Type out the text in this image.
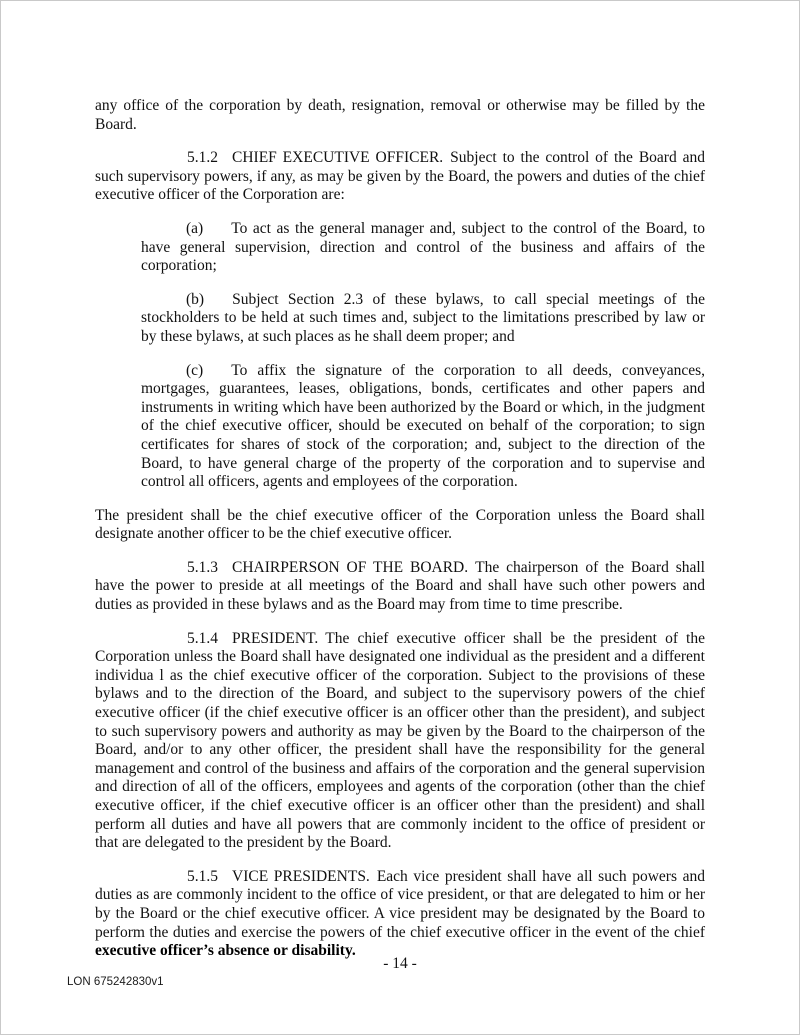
any office of the corporation by death, resignation, removal or otherwise may be filled by the Board.

5.1.2 CHIEF EXECUTIVE OFFICER. Subject to the control of the Board and such supervisory powers, if any, as may be given by the Board, the powers and duties of the chief executive officer of the Corporation are:

(a) To act as the general manager and, subject to the control of the Board, to have general supervision, direction and control of the business and affairs of the corporation;

(b) Subject Section 2.3 of these bylaws, to call special meetings of the stockholders to be held at such times and, subject to the limitations prescribed by law or by these bylaws, at such places as he shall deem proper; and

(c) To affix the signature of the corporation to all deeds, conveyances, mortgages, guarantees, leases, obligations, bonds, certificates and other papers and instruments in writing which have been authorized by the Board or which, in the judgment of the chief executive officer, should be executed on behalf of the corporation; to sign certificates for shares of stock of the corporation; and, subject to the direction of the Board, to have general charge of the property of the corporation and to supervise and control all officers, agents and employees of the corporation.

The president shall be the chief executive officer of the Corporation unless the Board shall designate another officer to be the chief executive officer.

5.1.3 CHAIRPERSON OF THE BOARD. The chairperson of the Board shall have the power to preside at all meetings of the Board and shall have such other powers and duties as provided in these bylaws and as the Board may from time to time prescribe.

5.1.4 PRESIDENT. The chief executive officer shall be the president of the Corporation unless the Board shall have designated one individual as the president and a different individua l as the chief executive officer of the corporation. Subject to the provisions of these bylaws and to the direction of the Board, and subject to the supervisory powers of the chief executive officer (if the chief executive officer is an officer other than the president), and subject to such supervisory powers and authority as may be given by the Board to the chairperson of the Board, and/or to any other officer, the president shall have the responsibility for the general management and control of the business and affairs of the corporation and the general supervision and direction of all of the officers, employees and agents of the corporation (other than the chief executive officer, if the chief executive officer is an officer other than the president) and shall perform all duties and have all powers that are commonly incident to the office of president or that are delegated to the president by the Board.

5.1.5 VICE PRESIDENTS. Each vice president shall have all such powers and duties as are commonly incident to the office of vice president, or that are delegated to him or her by the Board or the chief executive officer. A vice president may be designated by the Board to perform the duties and exercise the powers of the chief executive officer in the event of the chief executive officer’s absence or disability.

- 14 -
LON 675242830v1
